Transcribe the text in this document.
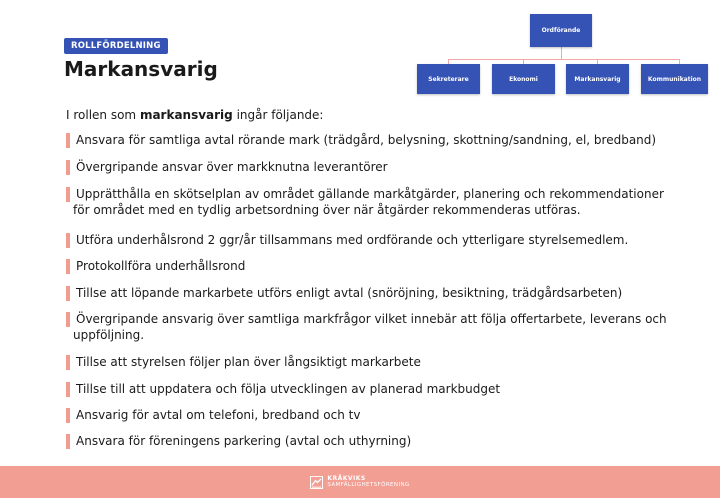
ROLLFÖRDELNING
Markansvarig
Ordförande
Sekreterare	Ekonomi	Markansvarig	Kommunikation
I rollen som markansvarig ingår följande:
Ansvara för samtliga avtal rörande mark (trädgård, belysning, skottning/sandning, el, bredband)
Övergripande ansvar över markknutna leverantörer
Upprätthålla en skötselplan av området gällande markåtgärder, planering och rekommendationer
för området med en tydlig arbetsordning över när åtgärder rekommenderas utföras.
Utföra underhålsrond 2 ggr/år tillsammans med ordförande och ytterligare styrelsemedlem.
Protokollföra underhållsrond
Tillse att löpande markarbete utförs enligt avtal (snöröjning, besiktning, trädgårdsarbeten)
Övergripande ansvarig över samtliga markfrågor vilket innebär att följa offertarbete, leverans och
uppföljning.
Tillse att styrelsen följer plan över långsiktigt markarbete
Tillse till att uppdatera och följa utvecklingen av planerad markbudget
Ansvarig för avtal om telefoni, bredband och tv
Ansvara för föreningens parkering (avtal och uthyrning)
KRÅKVIKS
SAMFÄLLIGHETSFÖRENING
